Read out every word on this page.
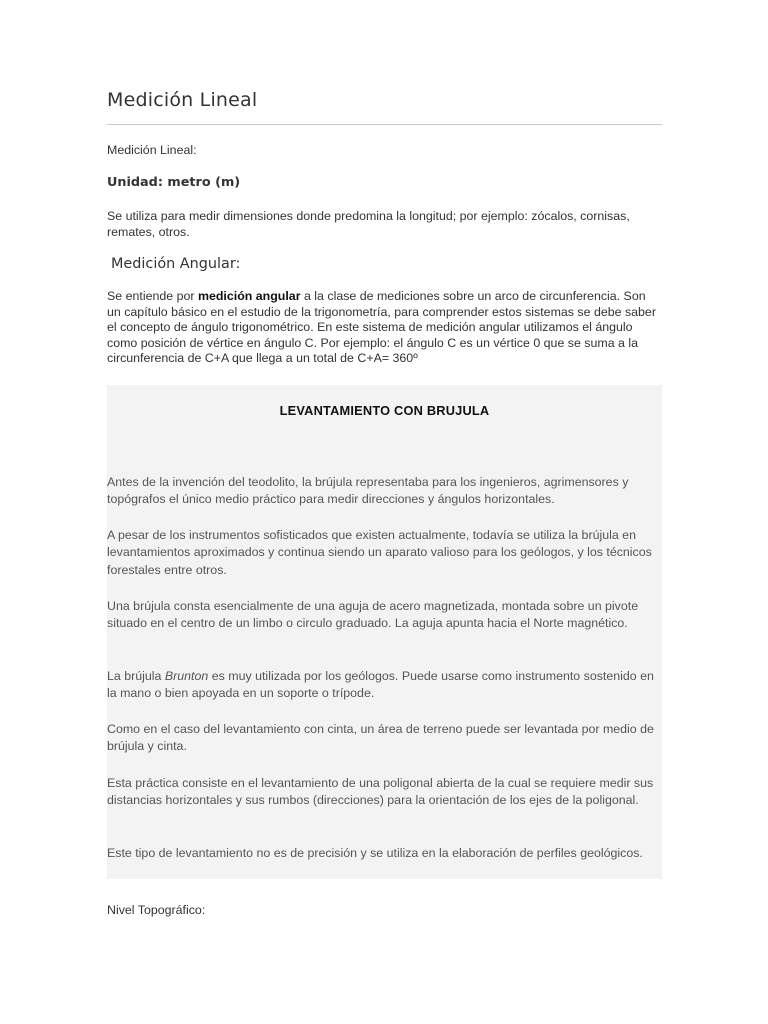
Medición Lineal
Medición Lineal:
Unidad: metro (m)
Se utiliza para medir dimensiones donde predomina la longitud; por ejemplo: zócalos, cornisas, remates, otros.
Medición Angular:
Se entiende por medición angular a la clase de mediciones sobre un arco de circunferencia. Son un capítulo básico en el estudio de la trigonometría, para comprender estos sistemas se debe saber el concepto de ángulo trigonométrico. En este sistema de medición angular utilizamos el ángulo como posición de vértice en ángulo C. Por ejemplo: el ángulo C es un vértice 0 que se suma a la circunferencia de C+A que llega a un total de C+A= 360º
LEVANTAMIENTO CON BRUJULA
Antes de la invención del teodolito, la brújula representaba para los ingenieros, agrimensores y topógrafos el único medio práctico para medir direcciones y ángulos horizontales.
A pesar de los instrumentos sofisticados que existen actualmente, todavía se utiliza la brújula en levantamientos aproximados y continua siendo un aparato valioso para los geólogos, y los técnicos forestales entre otros.
Una brújula consta esencialmente de una aguja de acero magnetizada, montada sobre un pivote situado en el centro de un limbo o circulo graduado. La aguja apunta hacia el Norte magnético.
La brújula Brunton es muy utilizada por los geólogos. Puede usarse como instrumento sostenido en la mano o bien apoyada en un soporte o trípode.
Como en el caso del levantamiento con cinta, un área de terreno puede ser levantada por medio de brújula y cinta.
Esta práctica consiste en el levantamiento de una poligonal abierta de la cual se requiere medir sus distancias horizontales y sus rumbos (direcciones) para la orientación de los ejes de la poligonal.
Este tipo de levantamiento no es de precisión y se utiliza en la elaboración de perfiles geológicos.
Nivel Topográfico:
